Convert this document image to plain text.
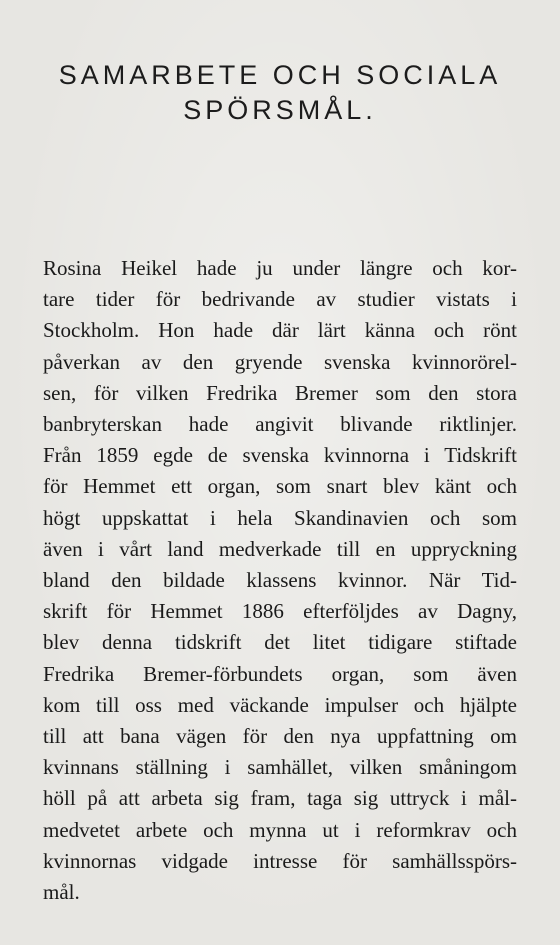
SAMARBETE OCH SOCIALA
SPÖRSMÅL.
Rosina Heikel hade ju under längre och kor-
tare tider för bedrivande av studier vistats i
Stockholm. Hon hade där lärt känna och rönt
påverkan av den gryende svenska kvinnorörel-
sen, för vilken Fredrika Bremer som den stora
banbryterskan hade angivit blivande riktlinjer.
Från 1859 egde de svenska kvinnorna i Tidskrift
för Hemmet ett organ, som snart blev känt och
högt uppskattat i hela Skandinavien och som
även i vårt land medverkade till en uppryckning
bland den bildade klassens kvinnor. När Tid-
skrift för Hemmet 1886 efterföljdes av Dagny,
blev denna tidskrift det litet tidigare stiftade
Fredrika Bremer-förbundets organ, som även
kom till oss med väckande impulser och hjälpte
till att bana vägen för den nya uppfattning om
kvinnans ställning i samhället, vilken småningom
höll på att arbeta sig fram, taga sig uttryck i mål-
medvetet arbete och mynna ut i reformkrav och
kvinnornas vidgade intresse för samhällsspörs-
mål.
